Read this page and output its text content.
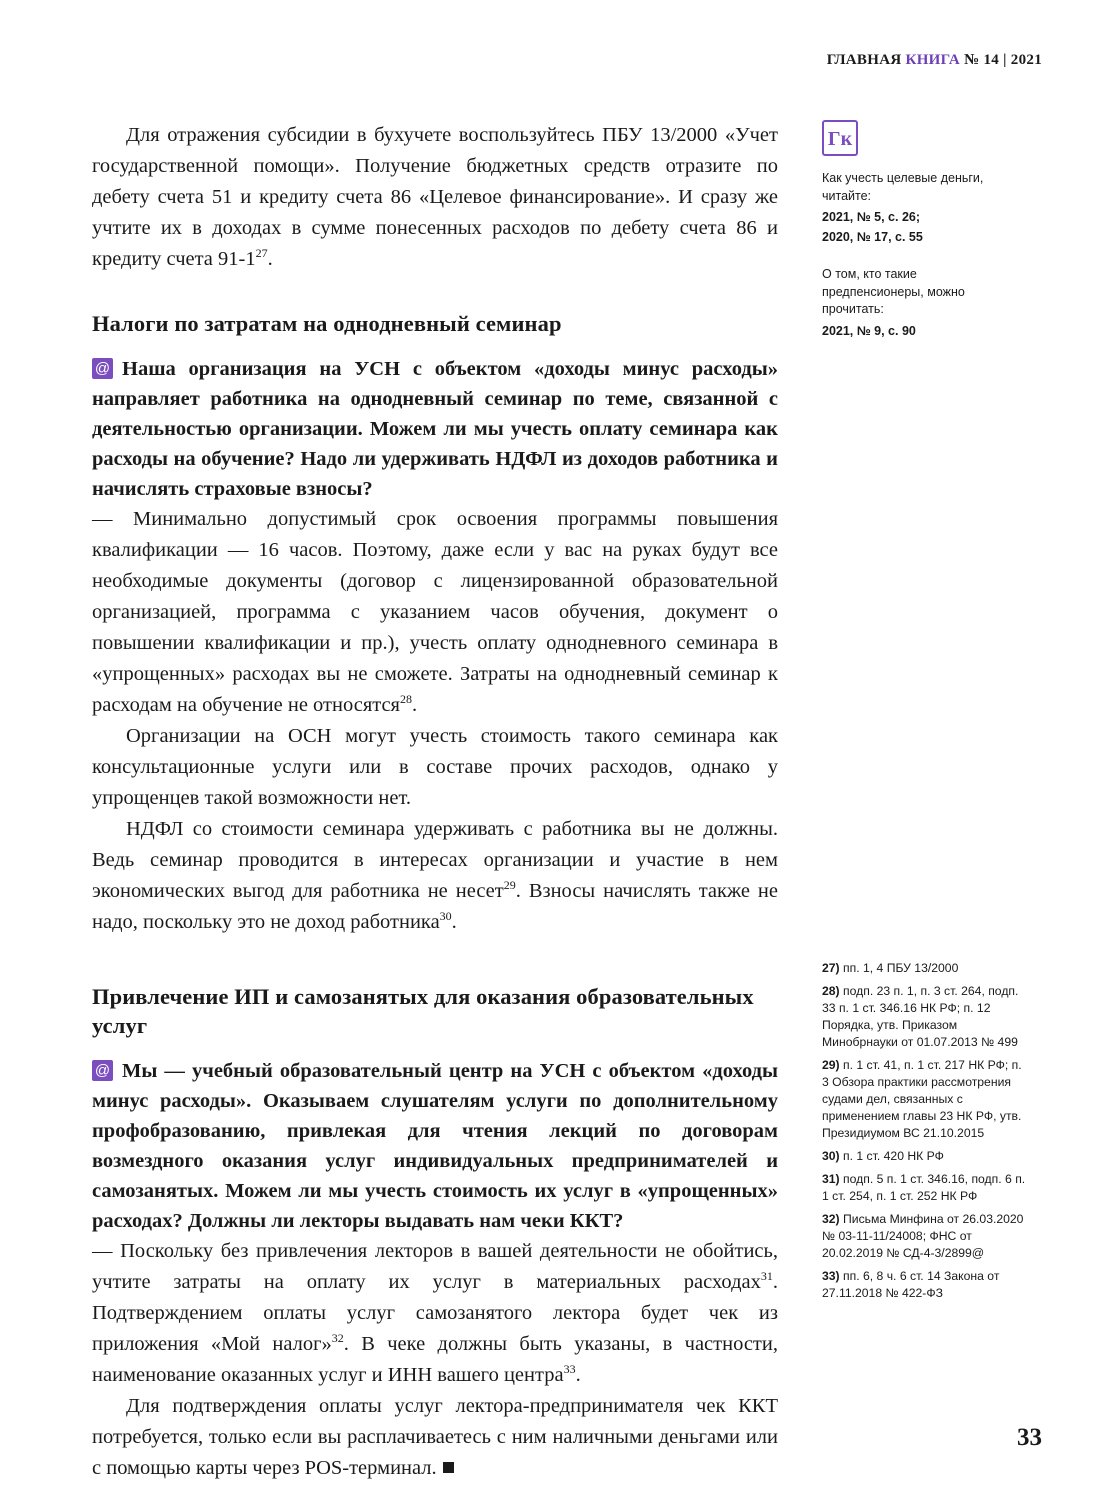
ГЛАВНАЯ КНИГА № 14 | 2021

Для отражения субсидии в бухучете воспользуйтесь ПБУ 13/2000 «Учет государственной помощи». Получение бюджетных средств отразите по дебету счета 51 и кредиту счета 86 «Целевое финансирование». И сразу же учтите их в доходах в сумме понесенных расходов по дебету счета 86 и кредиту счета $91-1^{27}$.

Налоги по затратам на однодневный семинар

@ Наша организация на УСН с объектом «доходы минус расходы» направляет работника на однодневный семинар по теме, связанной с деятельностью организации. Можем ли мы учесть оплату семинара как расходы на обучение? Надо ли удерживать НДФЛ из доходов работника и начислять страховые взносы?

— Минимально допустимый срок освоения программы повышения квалификации — 16 часов. Поэтому, даже если у вас на руках будут все необходимые документы (договор с лицензированной образовательной организацией, программа с указанием часов обучения, документ о повышении квалификации и пр.), учесть оплату однодневного семинара в «упрощенных» расходах вы не сможете. Затраты на однодневный семинар к расходам на обучение не относятся$^{28}$.

Организации на ОСН могут учесть стоимость такого семинара как консультационные услуги или в составе прочих расходов, однако у упрощенцев такой возможности нет.

НДФЛ со стоимости семинара удерживать с работника вы не должны. Ведь семинар проводится в интересах организации и участие в нем экономических выгод для работника не несет$^{29}$. Взносы начислять также не надо, поскольку это не доход работника$^{30}$.

Привлечение ИП и самозанятых для оказания образовательных услуг

@ Мы — учебный образовательный центр на УСН с объектом «доходы минус расходы». Оказываем слушателям услуги по дополнительному профобразованию, привлекая для чтения лекций по договорам возмездного оказания услуг индивидуальных предпринимателей и самозанятых. Можем ли мы учесть стоимость их услуг в «упрощенных» расходах? Должны ли лекторы выдавать нам чеки ККТ?

— Поскольку без привлечения лекторов в вашей деятельности не обойтись, учтите затраты на оплату их услуг в материальных расходах$^{31}$. Подтверждением оплаты услуг самозанятого лектора будет чек из приложения «Мой налог»$^{32}$. В чеке должны быть указаны, в частности, наименование оказанных услуг и ИНН вашего центра$^{33}$.

Для подтверждения оплаты услуг лектора-предпринимателя чек ККТ потребуется, только если вы расплачиваетесь с ним наличными деньгами или с помощью карты через POS-терминал.

Гк
Как учесть целевые деньги, читайте:
2021, № 5, с. 26;
2020, № 17, с. 55
О том, кто такие предпенсионеры, можно прочитать:
2021, № 9, с. 90
27) пп. 1, 4 ПБУ 13/2000
28) подп. 23 п. 1, п. 3 ст. 264, подп. 33 п. 1 ст. 346.16 НК РФ; п. 12 Порядка, утв. Приказом Минобрнауки от 01.07.2013 № 499
29) п. 1 ст. 41, п. 1 ст. 217 НК РФ; п. 3 Обзора практики рассмотрения судами дел, связанных с применением главы 23 НК РФ, утв. Президиумом ВС 21.10.2015
30) п. 1 ст. 420 НК РФ
31) подп. 5 п. 1 ст. 346.16, подп. 6 п. 1 ст. 254, п. 1 ст. 252 НК РФ
32) Письма Минфина от 26.03.2020 № 03-11-11/24008; ФНС от 20.02.2019 № СД-4-3/2899@
33) пп. 6, 8 ч. 6 ст. 14 Закона от 27.11.2018 № 422-ФЗ
33
